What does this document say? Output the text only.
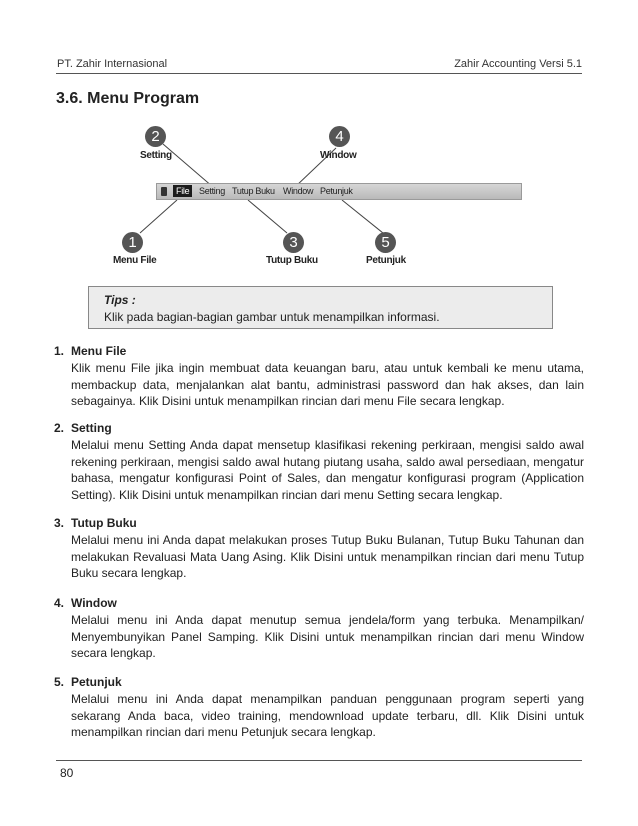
PT. Zahir Internasional	Zahir Accounting Versi 5.1
3.6. Menu Program
File	Setting Tutup Buku Window Petunjuk
2
Setting
4
Window
1
Menu File
3
Tutup Buku
5
Petunjuk
Tips :
Klik pada bagian-bagian gambar untuk menampilkan informasi.
1. Menu File
Klik menu File jika ingin membuat data keuangan baru, atau untuk kembali ke menu utama, membackup data, menjalankan alat bantu, administrasi password dan hak akses, dan lain sebagainya. Klik Disini untuk menampilkan rincian dari menu File secara lengkap.
2. Setting
Melalui menu Setting Anda dapat mensetup klasifikasi rekening perkiraan, mengisi saldo awal rekening perkiraan, mengisi saldo awal hutang piutang usaha, saldo awal persediaan, mengatur bahasa, mengatur konfigurasi Point of Sales, dan mengatur konfigurasi program (Application Setting). Klik Disini untuk menampilkan rincian dari menu Setting secara lengkap.
3. Tutup Buku
Melalui menu ini Anda dapat melakukan proses Tutup Buku Bulanan, Tutup Buku Tahunan dan melakukan Revaluasi Mata Uang Asing. Klik Disini untuk menampilkan rincian dari menu Tutup Buku secara lengkap.
4. Window
Melalui menu ini Anda dapat menutup semua jendela/form yang terbuka. Menampilkan/ Menyembunyikan Panel Samping. Klik Disini untuk menampilkan rincian dari menu Window secara lengkap.
5. Petunjuk
Melalui menu ini Anda dapat menampilkan panduan penggunaan program seperti yang sekarang Anda baca, video training, mendownload update terbaru, dll. Klik Disini untuk menampilkan rincian dari menu Petunjuk secara lengkap.
80
